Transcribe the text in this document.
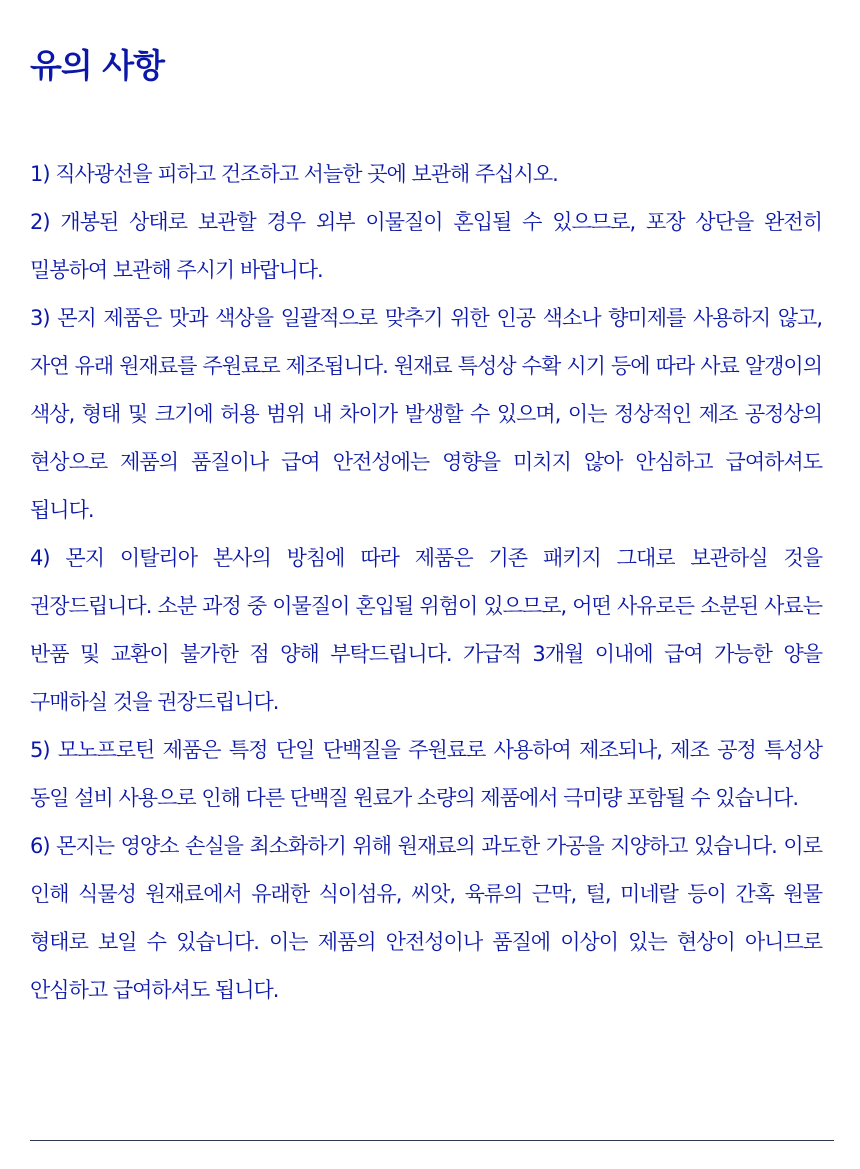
유의 사항

1) 직사광선을 피하고 건조하고 서늘한 곳에 보관해 주십시오.

2) 개봉된 상태로 보관할 경우 외부 이물질이 혼입될 수 있으므로, 포장 상단을 완전히 밀봉하여 보관해 주시기 바랍니다.

3) 몬지 제품은 맛과 색상을 일괄적으로 맞추기 위한 인공 색소나 향미제를 사용하지 않고, 자연 유래 원재료를 주원료로 제조됩니다. 원재료 특성상 수확 시기 등에 따라 사료 알갱이의 색상, 형태 및 크기에 허용 범위 내 차이가 발생할 수 있으며, 이는 정상적인 제조 공정상의 현상으로 제품의 품질이나 급여 안전성에는 영향을 미치지 않아 안심하고 급여하셔도 됩니다.

4) 몬지 이탈리아 본사의 방침에 따라 제품은 기존 패키지 그대로 보관하실 것을 권장드립니다. 소분 과정 중 이물질이 혼입될 위험이 있으므로, 어떤 사유로든 소분된 사료는 반품 및 교환이 불가한 점 양해 부탁드립니다. 가급적 3개월 이내에 급여 가능한 양을 구매하실 것을 권장드립니다.

5) 모노프로틴 제품은 특정 단일 단백질을 주원료로 사용하여 제조되나, 제조 공정 특성상 동일 설비 사용으로 인해 다른 단백질 원료가 소량의 제품에서 극미량 포함될 수 있습니다.

6) 몬지는 영양소 손실을 최소화하기 위해 원재료의 과도한 가공을 지양하고 있습니다. 이로 인해 식물성 원재료에서 유래한 식이섬유, 씨앗, 육류의 근막, 털, 미네랄 등이 간혹 원물 형태로 보일 수 있습니다. 이는 제품의 안전성이나 품질에 이상이 있는 현상이 아니므로 안심하고 급여하셔도 됩니다.
